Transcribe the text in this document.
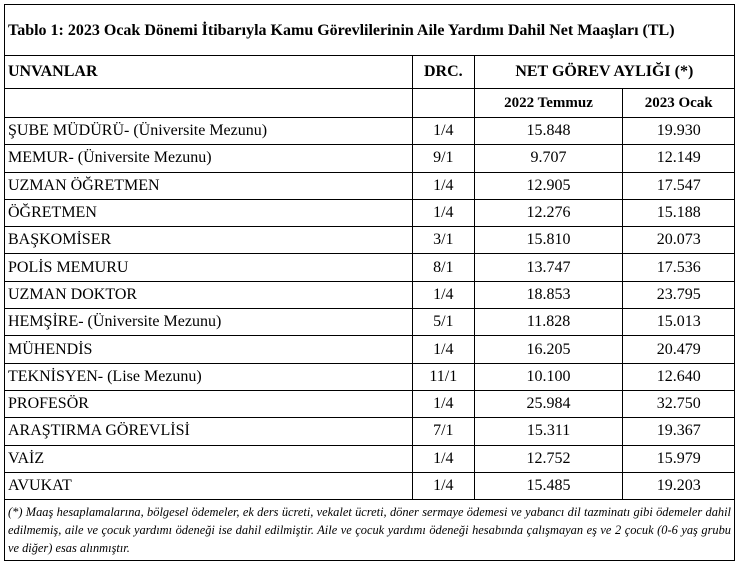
Tablo 1: 2023 Ocak Dönemi İtibarıyla Kamu Görevlilerinin Aile Yardımı Dahil Net Maaşları (TL)			
UNVANLAR	DRC.	NET GÖREV AYLIĞI (*)	
		2022 Temmuz	2023 Ocak
ŞUBE MÜDÜRÜ- (Üniversite Mezunu)	1/4	15.848	19.930
MEMUR- (Üniversite Mezunu)	9/1	9.707	12.149
UZMAN ÖĞRETMEN	1/4	12.905	17.547
ÖĞRETMEN	1/4	12.276	15.188
BAŞKOMİSER	3/1	15.810	20.073
POLİS MEMURU	8/1	13.747	17.536
UZMAN DOKTOR	1/4	18.853	23.795
HEMŞİRE- (Üniversite Mezunu)	5/1	11.828	15.013
MÜHENDİS	1/4	16.205	20.479
TEKNİSYEN- (Lise Mezunu)	11/1	10.100	12.640
PROFESÖR	1/4	25.984	32.750
ARAŞTIRMA GÖREVLİSİ	7/1	15.311	19.367
VAİZ	1/4	12.752	15.979
AVUKAT	1/4	15.485	19.203
(*) Maaş hesaplamalarına, bölgesel ödemeler, ek ders ücreti, vekalet ücreti, döner sermaye ödemesi ve yabancı dil tazminatı gibi ödemeler dahil edilmemiş, aile ve çocuk yardımı ödeneği ise dahil edilmiştir. Aile ve çocuk yardımı ödeneği hesabında çalışmayan eş ve 2 çocuk (0-6 yaş grubu ve diğer) esas alınmıştır.			
